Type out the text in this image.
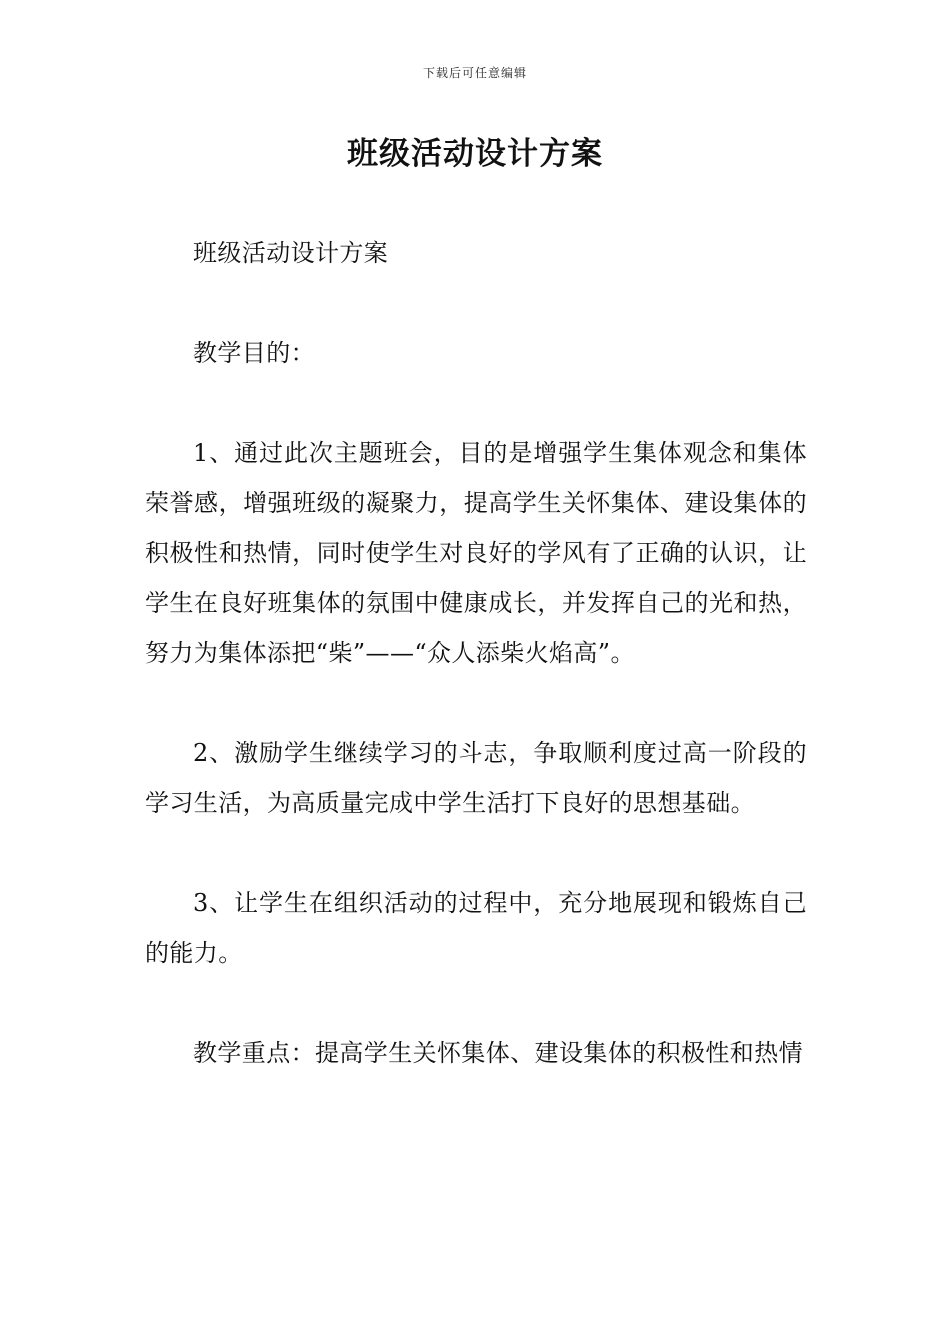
下载后可任意编辑
班级活动设计方案

班级活动设计方案

教学目的：

1、通过此次主题班会，目的是增强学生集体观念和集体荣誉感，增强班级的凝聚力，提高学生关怀集体、建设集体的积极性和热情，同时使学生对良好的学风有了正确的认识，让学生在良好班集体的氛围中健康成长，并发挥自己的光和热，努力为集体添把“柴”——“众人添柴火焰高”。

2、激励学生继续学习的斗志，争取顺利度过高一阶段的学习生活，为高质量完成中学生活打下良好的思想基础。

3、让学生在组织活动的过程中，充分地展现和锻炼自己的能力。

教学重点：提高学生关怀集体、建设集体的积极性和热情
